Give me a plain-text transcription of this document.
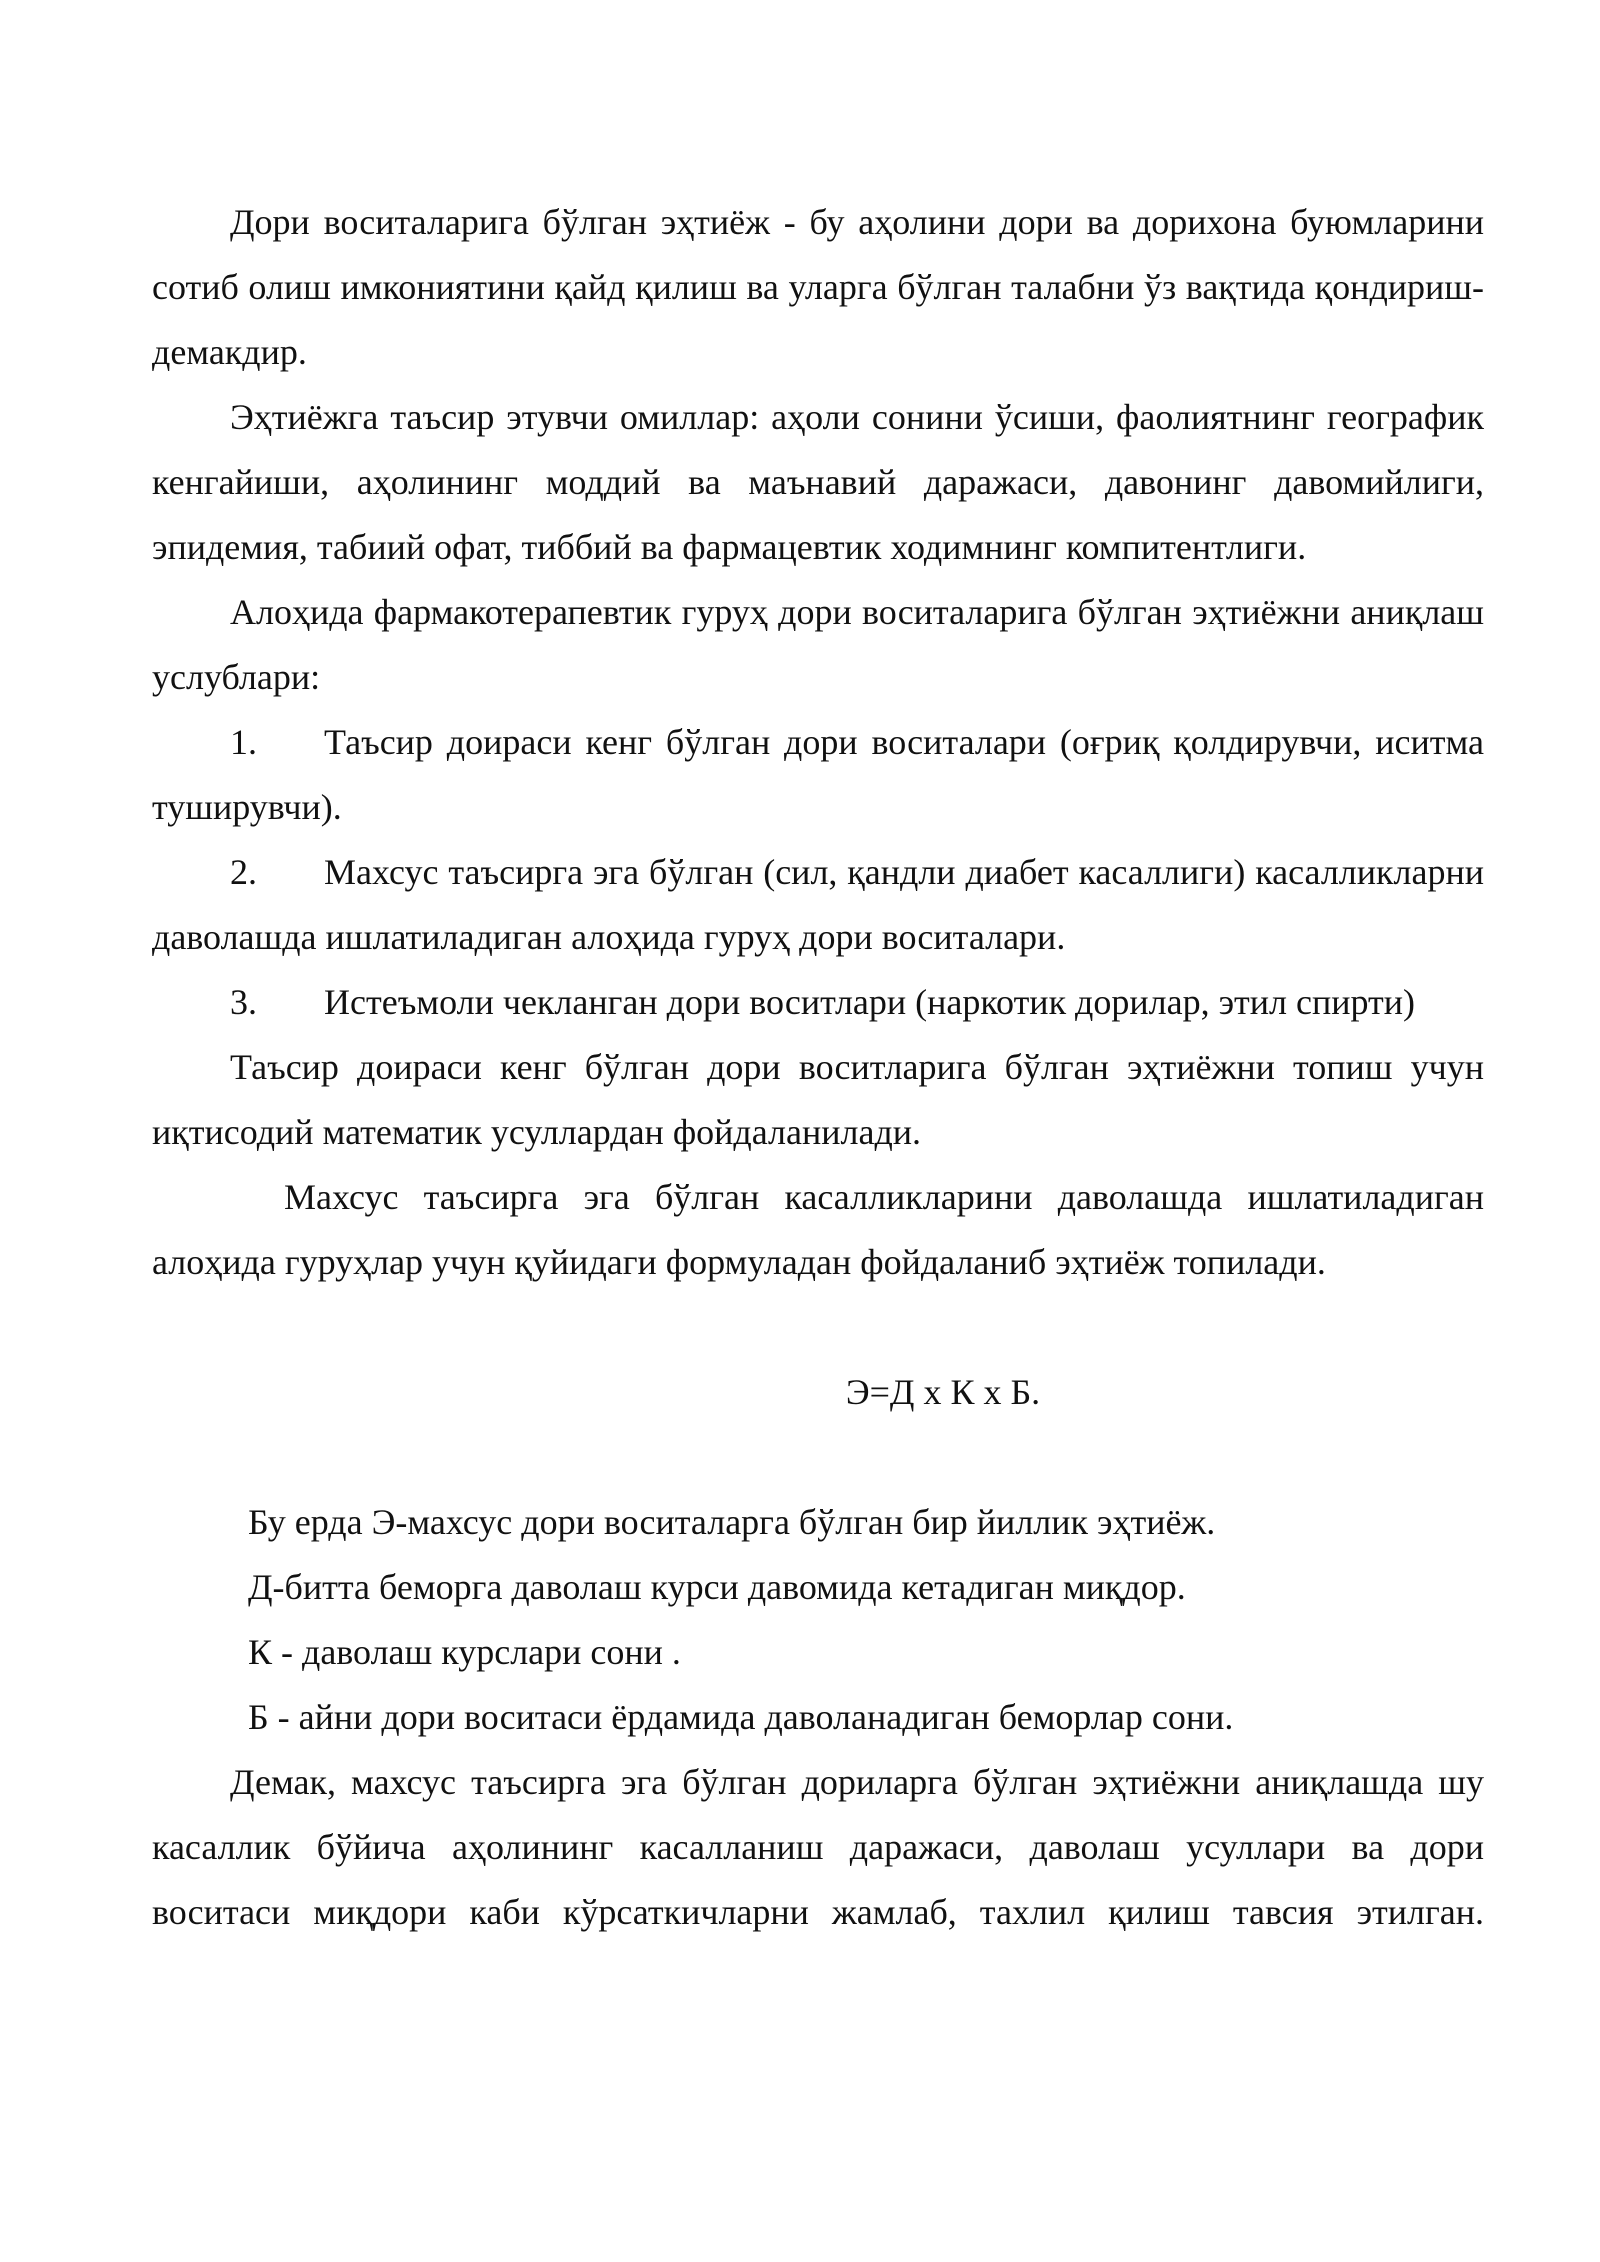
Дори воситаларига бўлган эҳтиёж - бу аҳолини дори ва дорихона буюмларини сотиб олиш имкониятини қайд қилиш ва уларга бўлган талабни ўз вақтида қондириш-демакдир.

Эҳтиёжга таъсир этувчи омиллар: аҳоли сонини ўсиши, фаолиятнинг географик кенгайиши, аҳолининг моддий ва маънавий даражаси, давонинг давомийлиги, эпидемия, табиий офат, тиббий ва фармацевтик ходимнинг компитентлиги.

Алоҳида фармакотерапевтик гуруҳ дори воситаларига бўлган эҳтиёжни аниқлаш услублари:

1. Таъсир доираси кенг бўлган дори воситалари (оғриқ қолдирувчи, иситма туширувчи).

2. Махсус таъсирга эга бўлган (сил, қандли диабет касаллиги) касалликларни даволашда ишлатиладиган алоҳида гуруҳ дори воситалари.

3. Истеъмоли чекланган дори воситлари (наркотик дорилар, этил спирти)

Таъсир доираси кенг бўлган дори воситларига бўлган эҳтиёжни топиш учун иқтисодий математик усуллардан фойдаланилади.

Махсус таъсирга эга бўлган касалликларини даволашда ишлатиладиган алоҳида гуруҳлар учун қуйидаги формуладан фойдаланиб эҳтиёж топилади.

Э=Д х К х Б.

Бу ерда Э-махсус дори воситаларга бўлган бир йиллик эҳтиёж.

Д-битта беморга даволаш курси давомида кетадиган миқдор.

К - даволаш курслари сони .

Б - айни дори воситаси ёрдамида даволанадиган беморлар сони.

Демак, махсус таъсирга эга бўлган дориларга бўлган эҳтиёжни аниқлашда шу касаллик бўйича аҳолининг касалланиш даражаси, даволаш усуллари ва дори воситаси миқдори каби кўрсаткичларни жамлаб, тахлил қилиш тавсия этилган.
